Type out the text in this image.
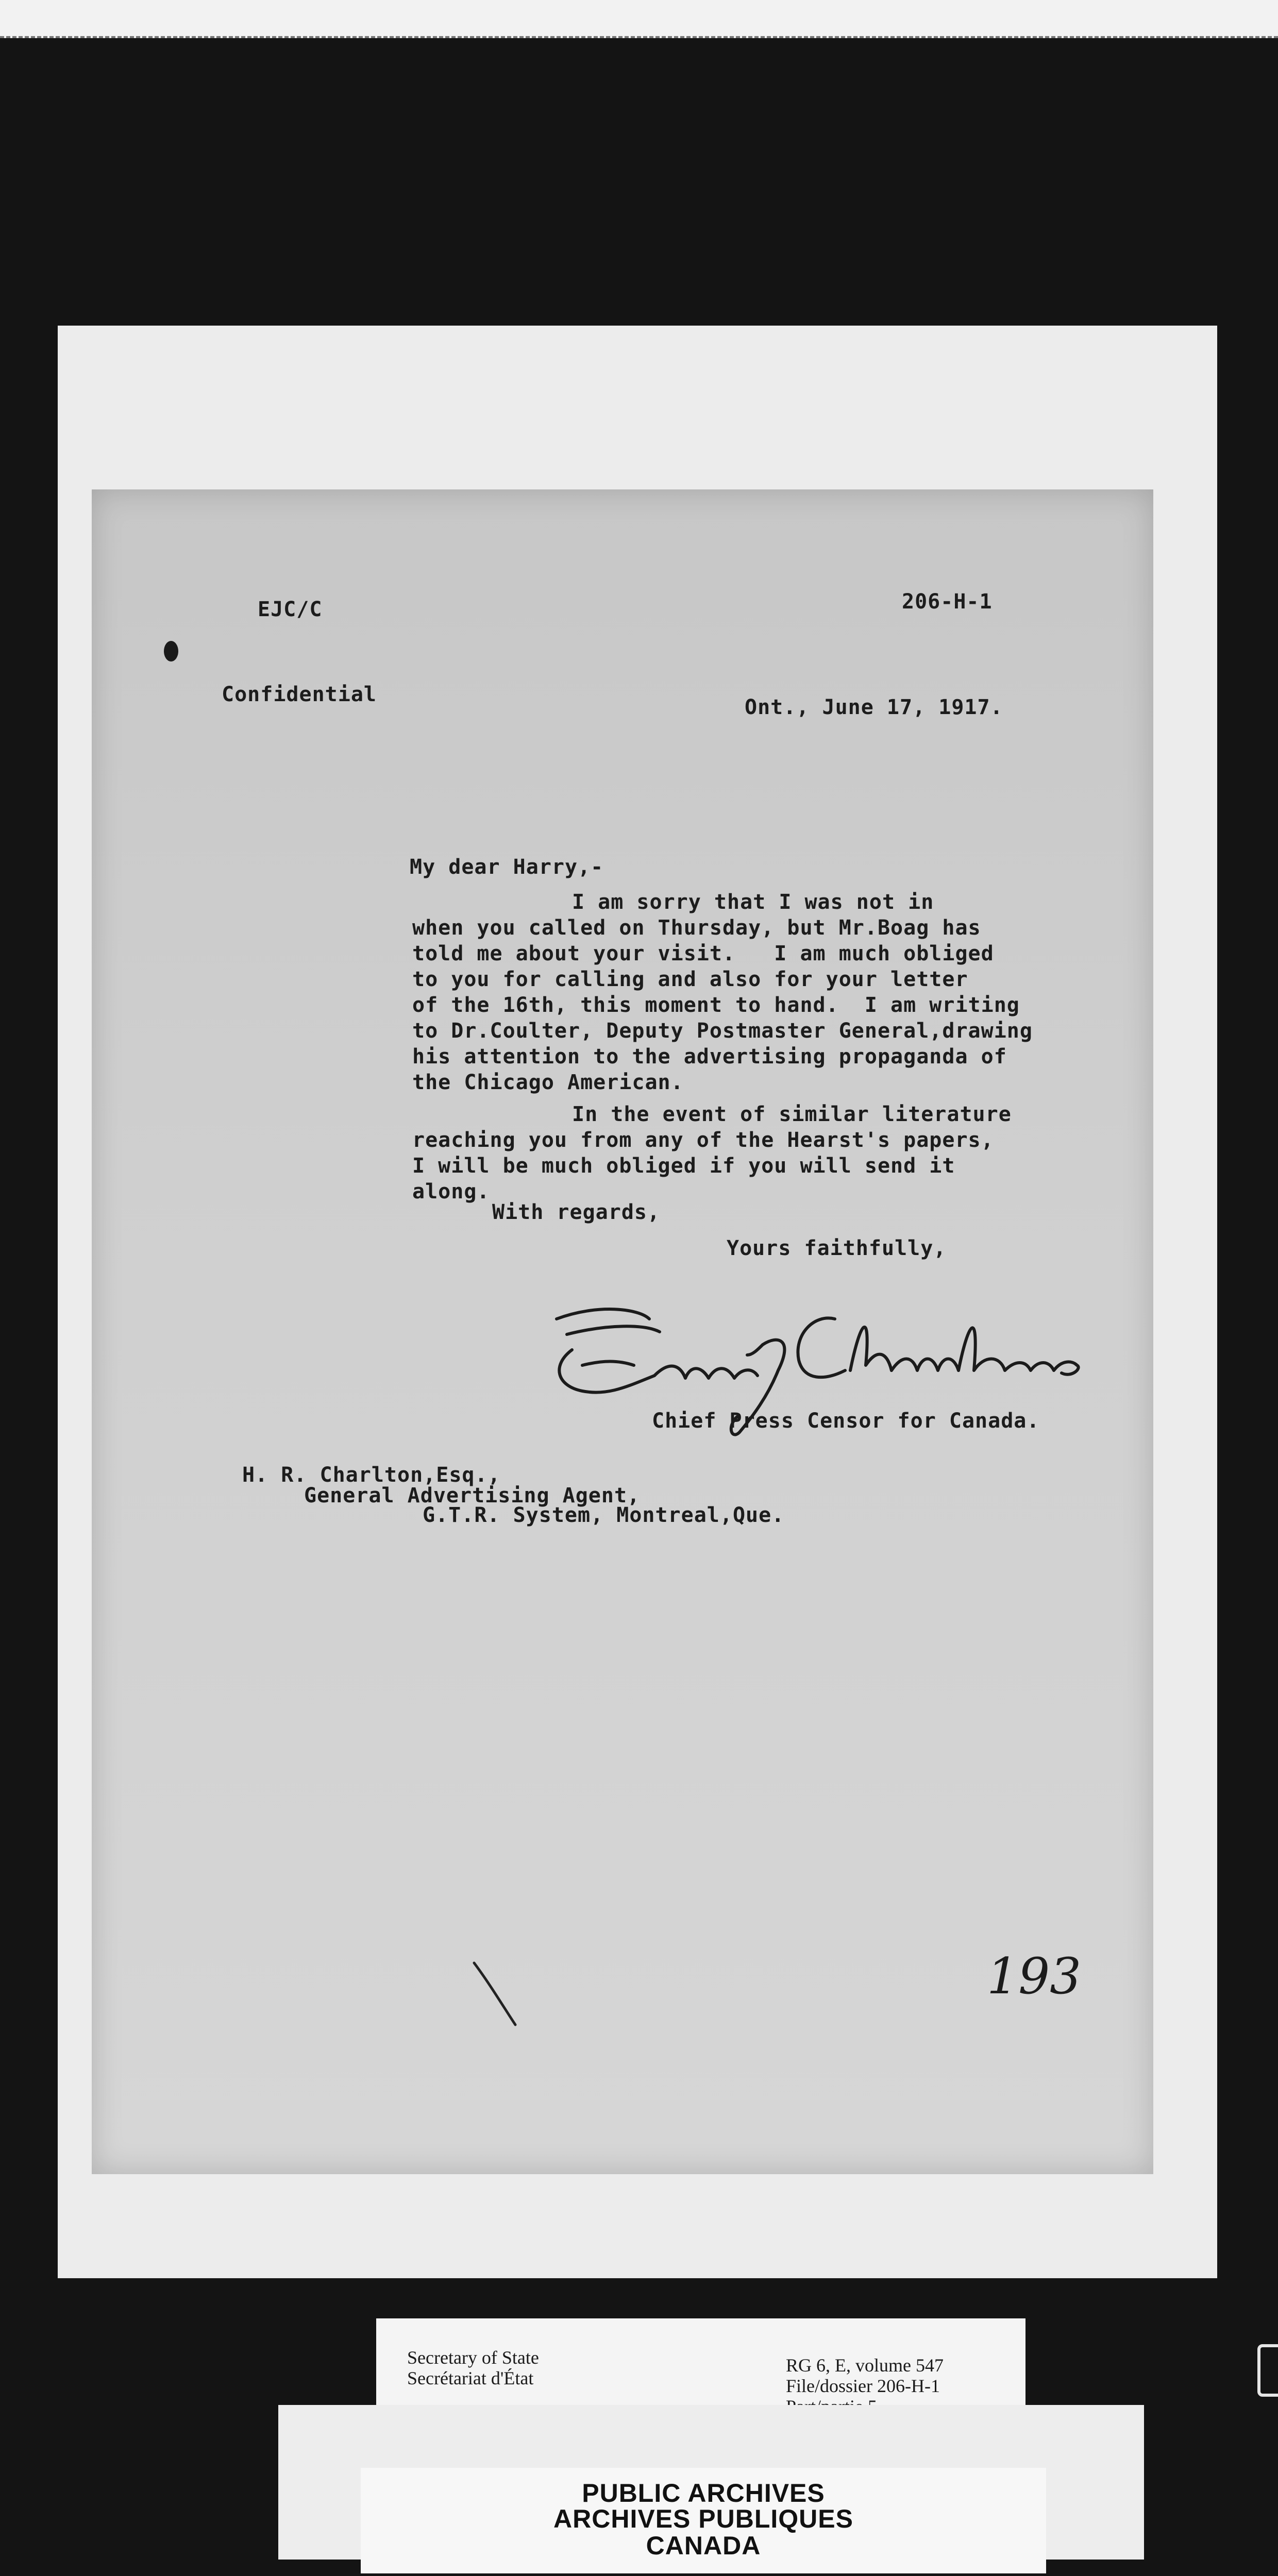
EJC/C	206-H-1
Confidential
Ont., June 17, 1917.
My dear Harry,-
I am sorry that I was not in
when you called on Thursday, but Mr.Boag has
told me about your visit.   I am much obliged
to you for calling and also for your letter
of the 16th, this moment to hand.  I am writing
to Dr.Coulter, Deputy Postmaster General,drawing
his attention to the advertising propaganda of
the Chicago American.
In the event of similar literature
reaching you from any of the Hearst's papers,
I will be much obliged if you will send it
along.
With regards,
Yours faithfully,
Chief Press Censor for Canada.
H. R. Charlton,Esq.,
General Advertising Agent,
G.T.R. System, Montreal,Que.
193
Secretary of State
Secrétariat d'État
RG 6, E, volume 547
File/dossier 206-H-1
PUBLIC ARCHIVES
ARCHIVES PUBLIQUES
CANADA
